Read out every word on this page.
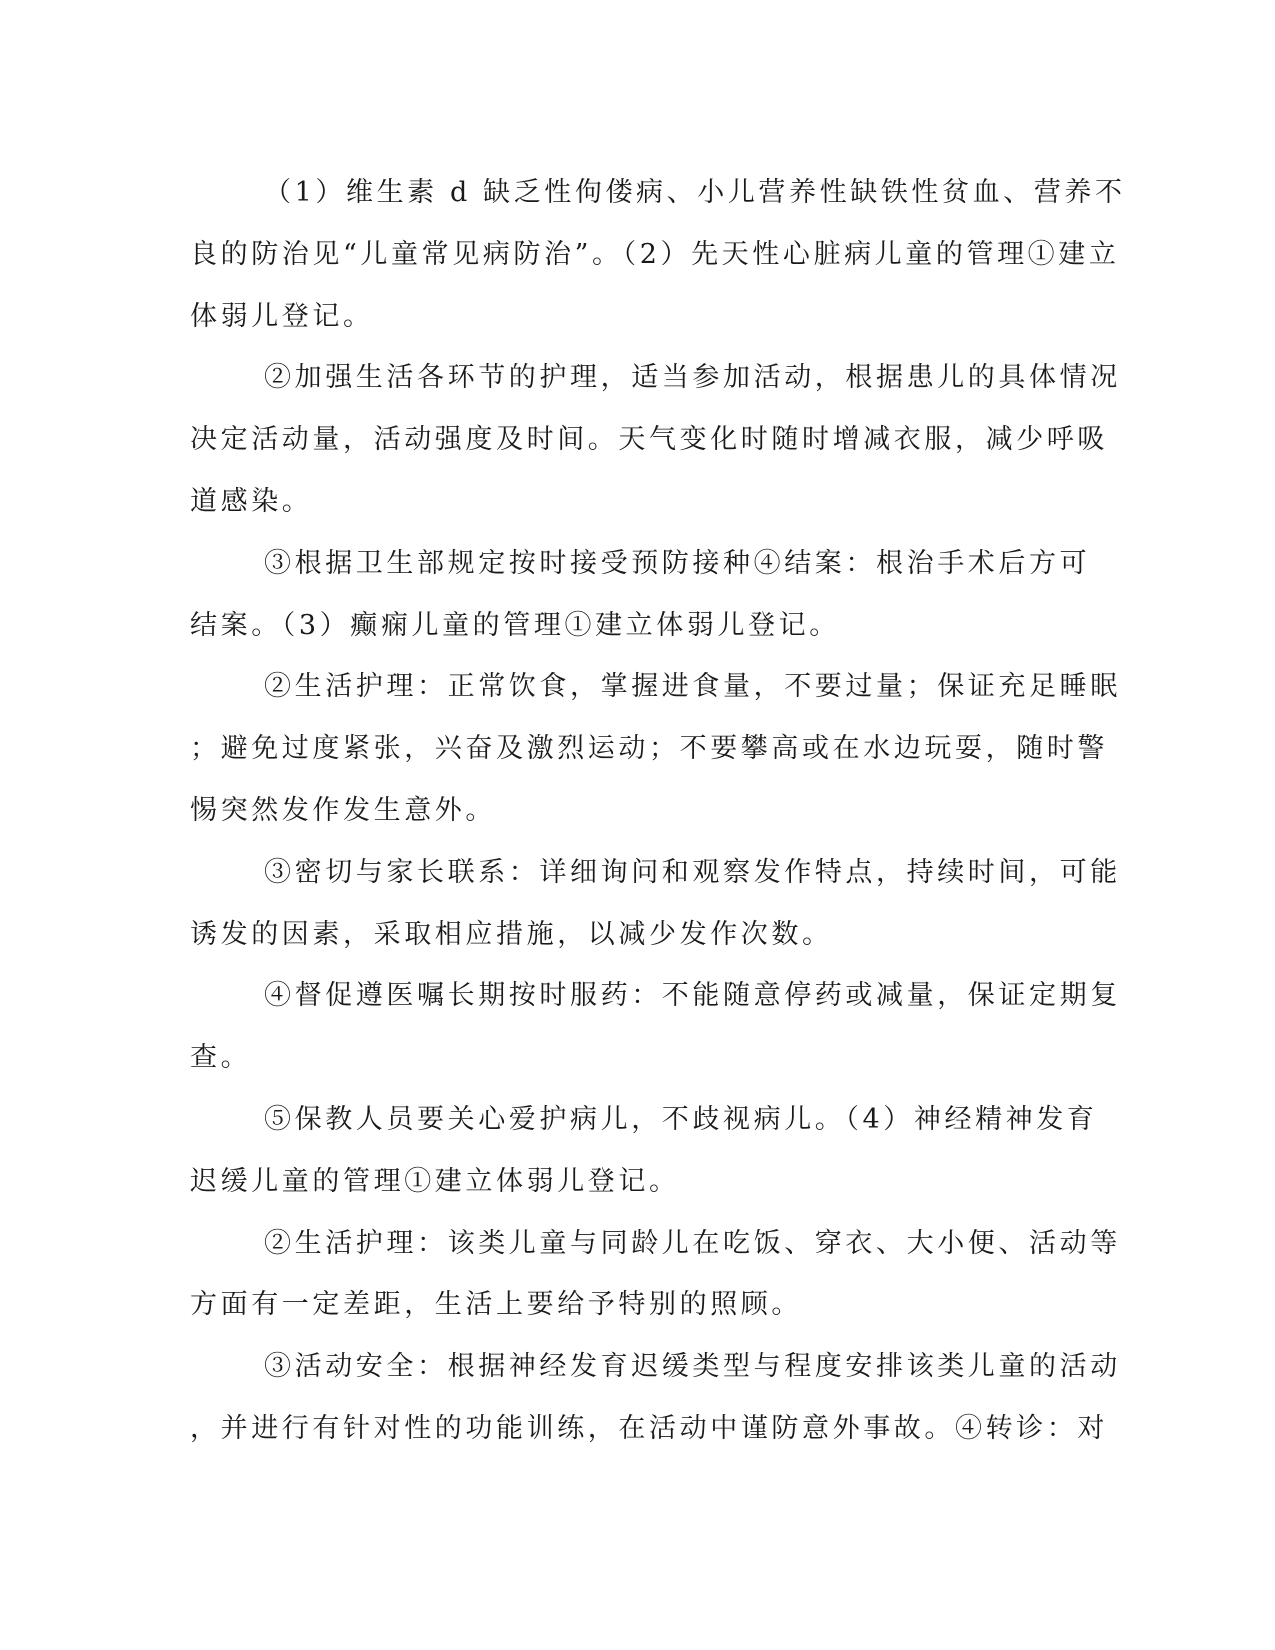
（1）维生素 d 缺乏性佝偻病、小儿营养性缺铁性贫血、营养不
良的防治见“儿童常见病防治”。（2）先天性心脏病儿童的管理①建立
体弱儿登记。
②加强生活各环节的护理，适当参加活动，根据患儿的具体情况
决定活动量，活动强度及时间。天气变化时随时增减衣服，减少呼吸
道感染。
③根据卫生部规定按时接受预防接种④结案：根治手术后方可
结案。（3）癫痫儿童的管理①建立体弱儿登记。
②生活护理：正常饮食，掌握进食量，不要过量；保证充足睡眠
；避免过度紧张，兴奋及激烈运动；不要攀高或在水边玩耍，随时警
惕突然发作发生意外。
③密切与家长联系：详细询问和观察发作特点，持续时间，可能
诱发的因素，采取相应措施，以减少发作次数。
④督促遵医嘱长期按时服药：不能随意停药或减量，保证定期复
查。
⑤保教人员要关心爱护病儿，不歧视病儿。（4）神经精神发育
迟缓儿童的管理①建立体弱儿登记。
②生活护理：该类儿童与同龄儿在吃饭、穿衣、大小便、活动等
方面有一定差距，生活上要给予特别的照顾。
③活动安全：根据神经发育迟缓类型与程度安排该类儿童的活动
，并进行有针对性的功能训练，在活动中谨防意外事故。④转诊：对
